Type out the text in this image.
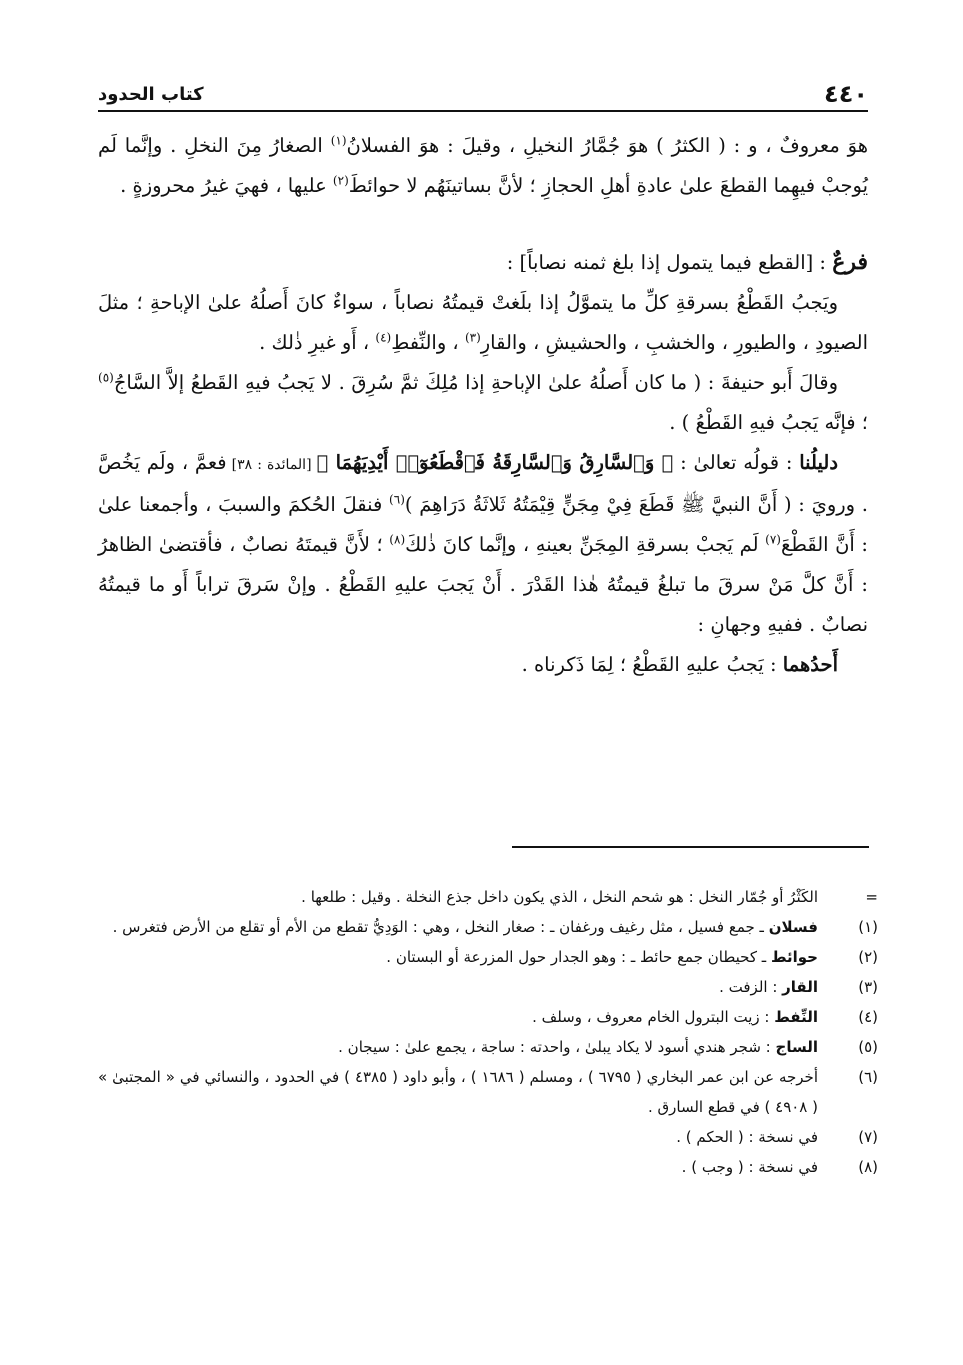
٤٤٠
كتاب الحدود

هوَ معروفٌ ، و : ( الكثرُ ) هوَ جُمَّارُ النخيلِ ، وقيلَ : هوَ الفسلانُ$^{(١)}$ الصغارُ مِنَ النخلِ . وإنَّما لَم يُوجبْ فيهِما القطعَ علىٰ عادةِ أهلِ الحجازِ ؛ لأنَّ بساتينَهُم لا حوائطَ$^{(٢)}$ عليها ، فهيَ غيرُ محروزةٍ .

فرعٌ : [القطع فيما يتمول إذا بلغ ثمنه نصاباً] :

ويَجبُ القَطْعُ بسرقةِ كلِّ ما يتموَّلُ إذا بلَغتْ قيمتُهُ نصاباً ، سواءٌ كانَ أَصلُهُ علىٰ الإباحةِ ؛ مثلَ الصيودِ ، والطيورِ ، والخشبِ ، والحشيشِ ، والقارِ$^{(٣)}$ ، والنِّفطِ$^{(٤)}$ ، أَو غيرِ ذٰلك .

وقالَ أَبو حنيفةَ : ( ما كان أَصلُهُ علىٰ الإباحةِ إذا مُلِكَ ثمَّ سُرِقَ . لا يَجبُ فيهِ القَطعُ إلاَّ السَّاجُ$^{(٥)}$ ؛ فإنَّه يَجبُ فيهِ القَطْعُ ) .

دليلُنا : قولُه تعالىٰ : ﴿ وَٱلسَّارِقُ وَٱلسَّارِقَةُ فَٱقْطَعُوٓا۟ أَيْدِيَهُمَا ﴾ [المائدة : ٣٨] فعمَّ ، ولَم يَخُصَّ . ورويَ : ( أَنَّ النبيَّ ﷺ قَطَعَ فِيْ مِجَنٍّ قِيْمَتُهُ ثَلاثَةُ دَرَاهِمَ )$^{(٦)}$ فنقلَ الحُكمَ والسببَ ، وأجمعنا علىٰ : أَنَّ القَطْعَ$^{(٧)}$ لَم يَجبْ بسرقةِ المِجَنِّ بعينهِ ، وإنَّما كانَ ذٰلكَ$^{(٨)}$ ؛ لأَنَّ قيمتَهُ نصابٌ ، فأقتضىٰ الظاهرُ : أَنَّ كلَّ مَنْ سرقَ ما تبلغُ قيمتُهُ هٰذا القَدْرَ . أَنْ يَجبَ عليهِ القَطْعُ . وإنْ سَرقَ تراباً أَو ما قيمتُهُ نصابٌ . ففيهِ وجهانِ :

أَحدُهما : يَجبُ عليهِ القَطْعُ ؛ لِمَا ذَكرناه .

=
الكَثْرُ أو جُمّار النخل : هو شحم النخل ، الذي يكون داخل جذع النخلة . وقيل : طلعها .
(١)
فسلان ـ جمع فسيل ، مثل رغيف ورغفان ـ : صغار النخل ، وهي : الوَدِيُّ تقطع من الأم أو تقلع من الأرض فتغرس .
(٢)
حوائط ـ كحيطان جمع حائط ـ : وهو الجدار حول المزرعة أو البستان .
(٣)
القار : الزفت .
(٤)
النِّفط : زيت البترول الخام معروف ، وسلف .
(٥)
الساج : شجر هندي أسود لا يكاد يبلىٰ ، واحدته : ساجة ، يجمع علىٰ : سيجان .
(٦)
أخرجه عن ابن عمر البخاري ( ٦٧٩٥ ) ، ومسلم ( ١٦٨٦ ) ، وأبو داود ( ٤٣٨٥ ) في الحدود ، والنسائي في « المجتبىٰ » ( ٤٩٠٨ ) في قطع السارق .
(٧)
في نسخة : ( الحكم ) .
(٨)
في نسخة : ( وجب ) .
